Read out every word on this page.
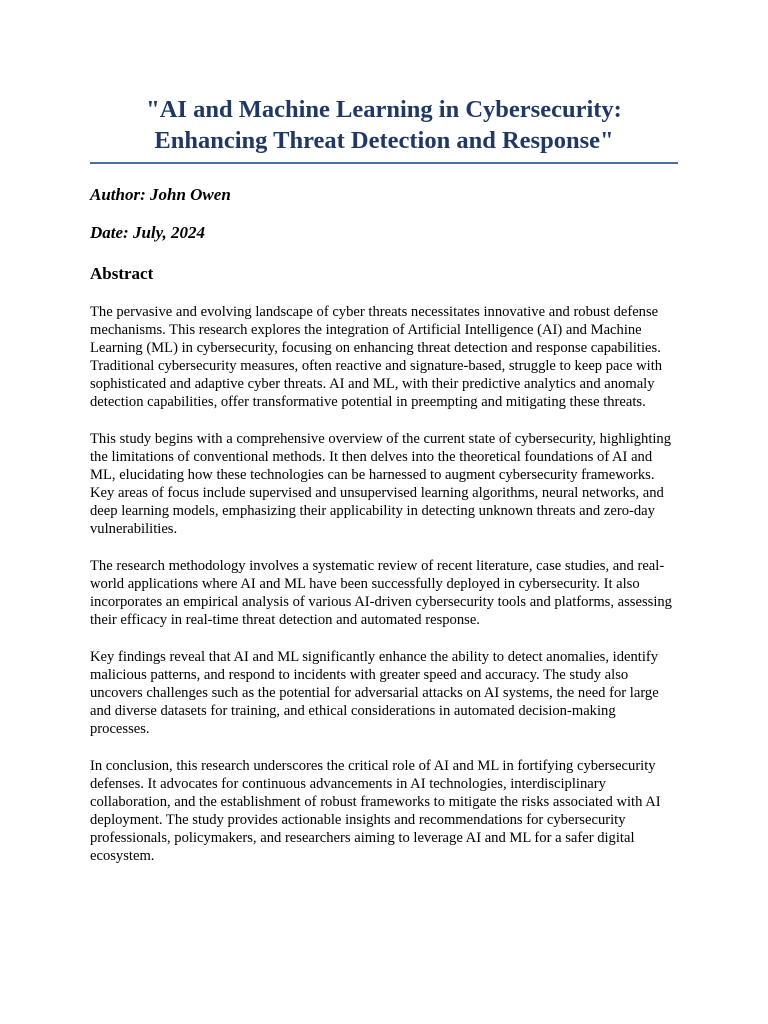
"AI and Machine Learning in Cybersecurity: Enhancing Threat Detection and Response"

Author: John Owen

Date: July, 2024

Abstract

The pervasive and evolving landscape of cyber threats necessitates innovative and robust defense mechanisms. This research explores the integration of Artificial Intelligence (AI) and Machine Learning (ML) in cybersecurity, focusing on enhancing threat detection and response capabilities. Traditional cybersecurity measures, often reactive and signature-based, struggle to keep pace with sophisticated and adaptive cyber threats. AI and ML, with their predictive analytics and anomaly detection capabilities, offer transformative potential in preempting and mitigating these threats.

This study begins with a comprehensive overview of the current state of cybersecurity, highlighting the limitations of conventional methods. It then delves into the theoretical foundations of AI and ML, elucidating how these technologies can be harnessed to augment cybersecurity frameworks. Key areas of focus include supervised and unsupervised learning algorithms, neural networks, and deep learning models, emphasizing their applicability in detecting unknown threats and zero-day vulnerabilities.

The research methodology involves a systematic review of recent literature, case studies, and real-world applications where AI and ML have been successfully deployed in cybersecurity. It also incorporates an empirical analysis of various AI-driven cybersecurity tools and platforms, assessing their efficacy in real-time threat detection and automated response.

Key findings reveal that AI and ML significantly enhance the ability to detect anomalies, identify malicious patterns, and respond to incidents with greater speed and accuracy. The study also uncovers challenges such as the potential for adversarial attacks on AI systems, the need for large and diverse datasets for training, and ethical considerations in automated decision-making processes.

In conclusion, this research underscores the critical role of AI and ML in fortifying cybersecurity defenses. It advocates for continuous advancements in AI technologies, interdisciplinary collaboration, and the establishment of robust frameworks to mitigate the risks associated with AI deployment. The study provides actionable insights and recommendations for cybersecurity professionals, policymakers, and researchers aiming to leverage AI and ML for a safer digital ecosystem.
